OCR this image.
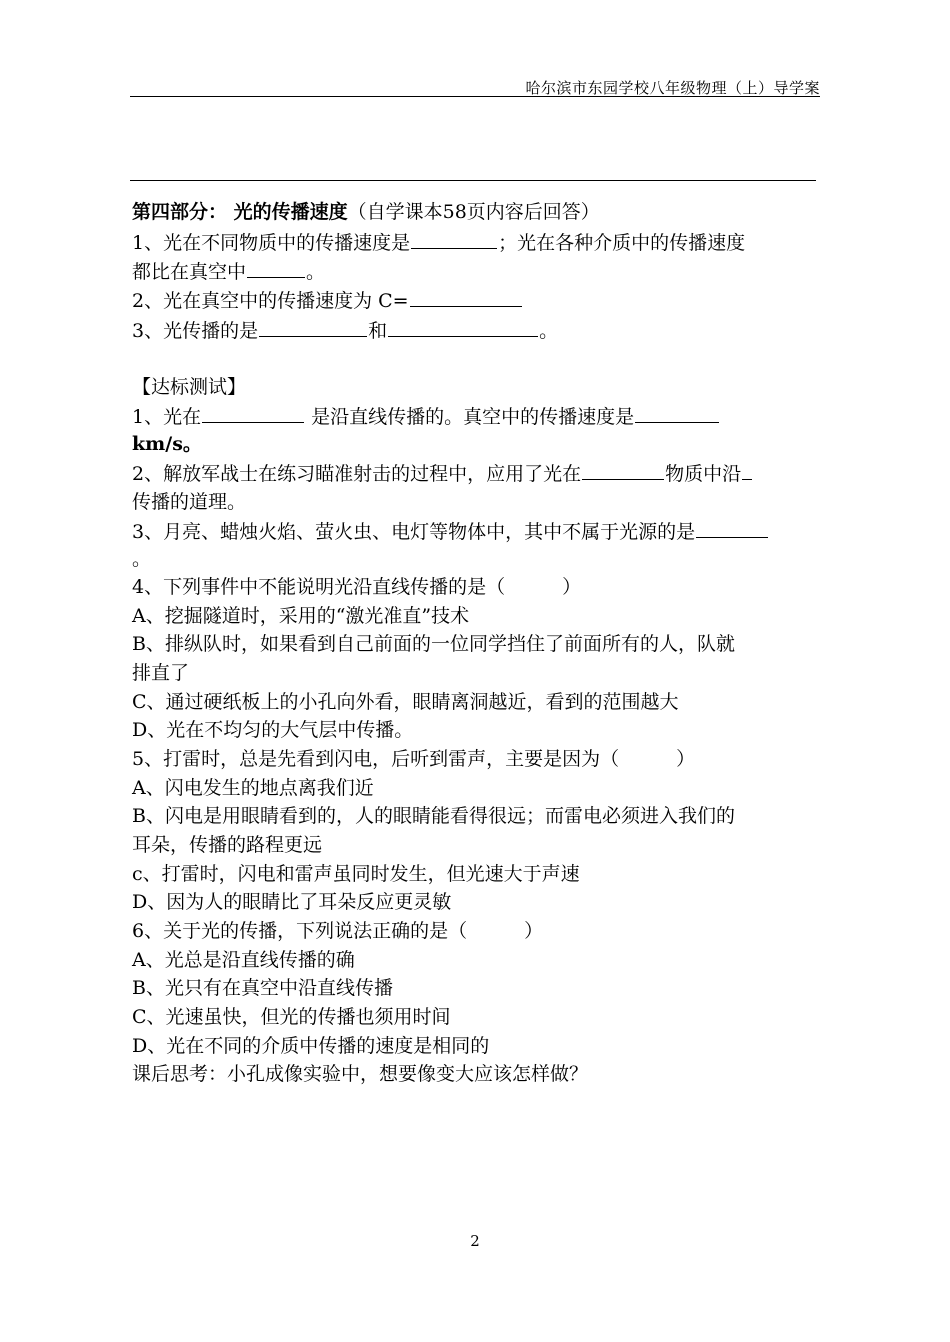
哈尔滨市东园学校八年级物理（上）导学案
第四部分： 光的传播速度（自学课本58页内容后回答）
1、光在不同物质中的传播速度是	；光在各种介质中的传播速度
都比在真空中	。
2、光在真空中的传播速度为 C=
3、光传播的是	和	。
【达标测试】
1、光在	是沿直线传播的。真空中的传播速度是
km/s。
2、解放军战士在练习瞄准射击的过程中，应用了光在	物质中沿
传播的道理。
3、月亮、蜡烛火焰、萤火虫、电灯等物体中，其中不属于光源的是
。
4、下列事件中不能说明光沿直线传播的是（　　　）
A、挖掘隧道时，采用的“激光准直”技术
B、排纵队时，如果看到自己前面的一位同学挡住了前面所有的人，队就
排直了
C、通过硬纸板上的小孔向外看，眼睛离洞越近，看到的范围越大
D、光在不均匀的大气层中传播。
5、打雷时，总是先看到闪电，后听到雷声，主要是因为（　　　）
A、闪电发生的地点离我们近
B、闪电是用眼睛看到的，人的眼睛能看得很远；而雷电必须进入我们的
耳朵，传播的路程更远
c、打雷时，闪电和雷声虽同时发生，但光速大于声速
D、因为人的眼睛比了耳朵反应更灵敏
6、关于光的传播，下列说法正确的是（　　　）
A、光总是沿直线传播的确
B、光只有在真空中沿直线传播
C、光速虽快，但光的传播也须用时间
D、光在不同的介质中传播的速度是相同的
课后思考：小孔成像实验中，想要像变大应该怎样做？
2
